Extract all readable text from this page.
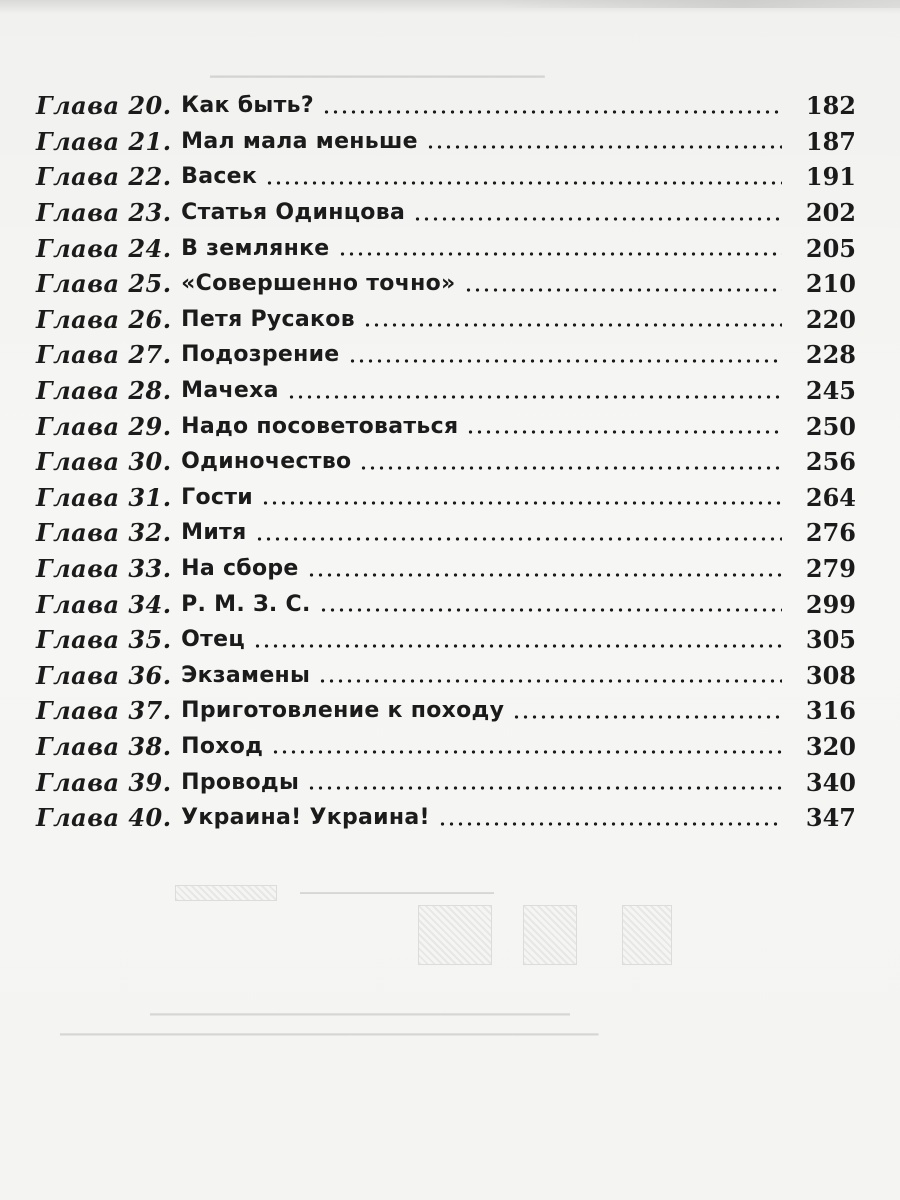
▁▁▁▁▁▁▁▁▁▁▁▁▁▁▁▁▁▁▁▁▁▁▁▁▁▁▁▁▁
▁▁▁▁▁▁▁▁▁▁▁▁▁▁▁▁▁▁▁▁▁
▁▁▁▁▁▁▁▁▁▁▁▁▁▁▁▁▁▁▁▁▁▁▁▁▁▁▁▁▁▁▁▁▁▁▁▁▁▁▁
▁▁▁▁▁▁▁▁▁▁▁▁▁▁▁▁▁▁▁▁▁▁▁▁▁▁▁▁▁▁▁▁▁▁▁▁▁▁▁▁▁▁▁▁▁▁▁▁▁▁
Глава 20 . Как быть?	182
Глава 21 . Мал мала меньше	187
Глава 22 . Васек	191
Глава 23 . Статья Одинцова	202
Глава 24 . В землянке	205
Глава 25 . «Совершенно точно»	210
Глава 26 . Петя Русаков	220
Глава 27 . Подозрение	228
Глава 28 . Мачеха	245
Глава 29 . Надо посоветоваться	250
Глава 30 . Одиночество	256
Глава 31 . Гости	264
Глава 32 . Митя	276
Глава 33 . На сборе	279
Глава 34 . Р. М. З. С.	299
Глава 35 . Отец	305
Глава 36 . Экзамены	308
Глава 37 . Приготовление к походу	316
Глава 38 . Поход	320
Глава 39 . Проводы	340
Глава 40 . Украина! Украина!	347
